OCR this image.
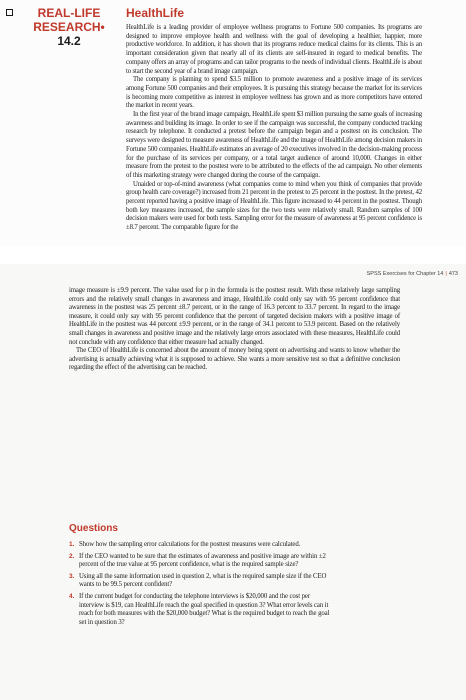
REAL-LIFE
RESEARCH•
14.2
HealthLife

HealthLife is a leading provider of employee wellness programs to Fortune 500 companies. Its programs are designed to improve employee health and wellness with the goal of developing a healthier, happier, more productive workforce. In addition, it has shown that its programs reduce medical claims for its clients. This is an important consideration given that nearly all of its clients are self-insured in regard to medical benefits. The company offers an array of programs and can tailor programs to the needs of individual clients. HealthLife is about to start the second year of a brand image campaign.

The company is planning to spend $3.5 million to promote awareness and a positive image of its services among Fortune 500 companies and their employees. It is pursuing this strategy because the market for its services is becoming more competitive as interest in employee wellness has grown and as more competitors have entered the market in recent years.

In the first year of the brand image campaign, HealthLife spent $3 million pursuing the same goals of increasing awareness and building its image. In order to see if the campaign was successful, the company conducted tracking research by telephone. It conducted a pretest before the campaign began and a posttest on its conclusion. The surveys were designed to measure awareness of HealthLife and the image of HealthLife among decision makers in Fortune 500 companies. HealthLife estimates an average of 20 executives involved in the decision-making process for the purchase of its services per company, or a total target audience of around 10,000. Changes in either measure from the pretest to the posttest were to be attributed to the effects of the ad campaign. No other elements of this marketing strategy were changed during the course of the campaign.

Unaided or top-of-mind awareness (what companies come to mind when you think of companies that provide group health care coverage?) increased from 21 percent in the pretest to 25 percent in the posttest. In the pretest, 42 percent reported having a positive image of HealthLife. This figure increased to 44 percent in the posttest. Though both key measures increased, the sample sizes for the two tests were relatively small. Random samples of 100 decision makers were used for both tests. Sampling error for the measure of awareness at 95 percent confidence is ±8.7 percent. The comparable figure for the

SPSS Exercises for Chapter 14 | 473

image measure is ±9.9 percent. The value used for p in the formula is the posttest result. With these relatively large sampling errors and the relatively small changes in awareness and image, HealthLife could only say with 95 percent confidence that awareness in the posttest was 25 percent ±8.7 percent, or in the range of 16.3 percent to 33.7 percent. In regard to the image measure, it could only say with 95 percent confidence that the percent of targeted decision makers with a positive image of HealthLife in the posttest was 44 percent ±9.9 percent, or in the range of 34.1 percent to 53.9 percent. Based on the relatively small changes in awareness and positive image and the relatively large errors associated with these measures, HealthLife could not conclude with any confidence that either measure had actually changed.

The CEO of HealthLife is concerned about the amount of money being spent on advertising and wants to know whether the advertising is actually achieving what it is supposed to achieve. She wants a more sensitive test so that a definitive conclusion regarding the effect of the advertising can be reached.

Questions
1. Show how the sampling error calculations for the posttest measures were calculated.
2. If the CEO wanted to be sure that the estimates of awareness and positive image are within ±2 percent of the true value at 95 percent confidence, what is the required sample size?
3. Using all the same information used in question 2, what is the required sample size if the CEO wants to be 99.5 percent confident?
4. If the current budget for conducting the telephone interviews is $20,000 and the cost per interview is $19, can HealthLife reach the goal specified in question 3? What error levels can it reach for both measures with the $20,000 budget? What is the required budget to reach the goal set in question 3?
